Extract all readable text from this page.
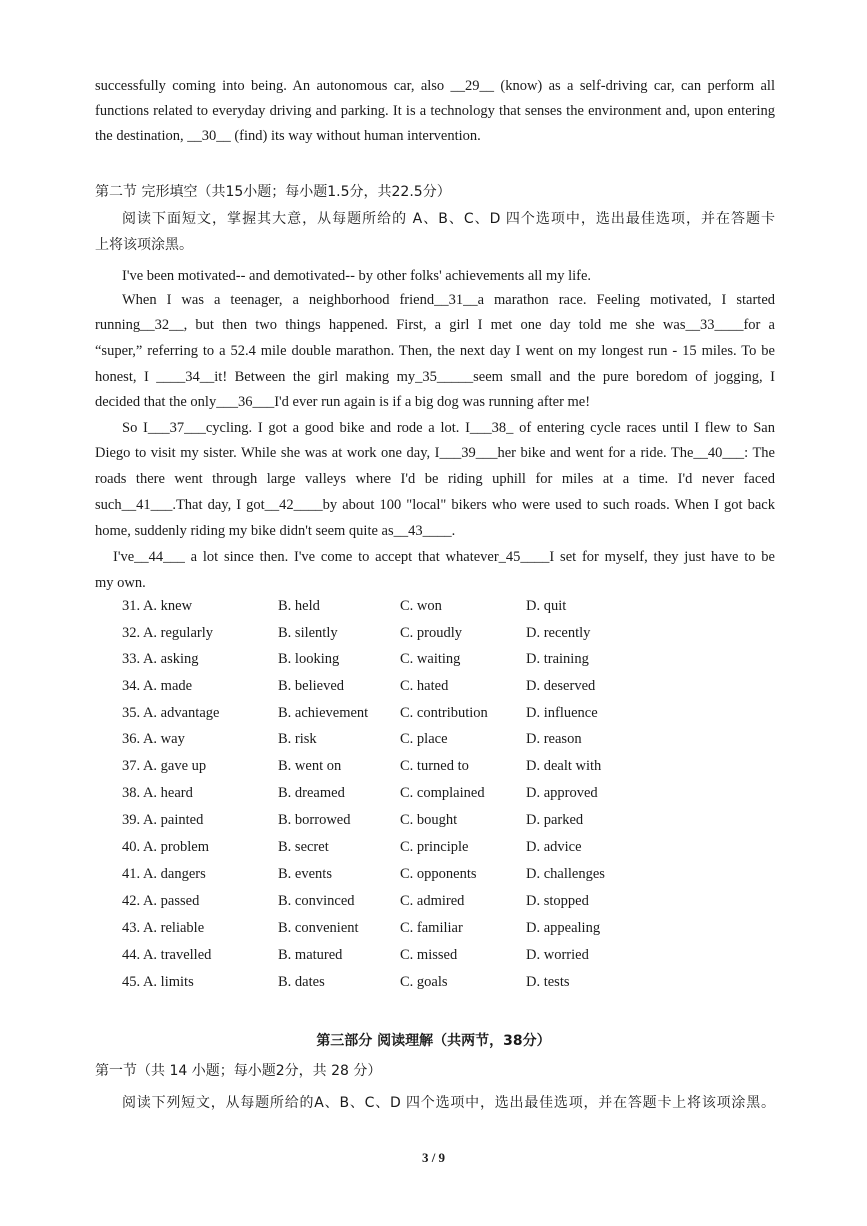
successfully coming into being. An autonomous car, also __29__ (know) as a self-driving car, can perform all
functions related to everyday driving and parking. It is a technology that senses the environment and, upon entering
the destination, __30__ (find) its way without human intervention.
第二节 完形填空（共15小题；每小题1.5分，共22.5分）
阅读下面短文，掌握其大意，从每题所给的 A、B、C、D 四个选项中，选出最佳选项，并在答题卡
上将该项涂黑。
I've been motivated-- and demotivated-- by other folks' achievements all my life.
When I was a teenager, a neighborhood friend__31__a marathon race. Feeling motivated, I started
running__32__, but then two things happened. First, a girl I met one day told me she was__33____for a
“super,” referring to a 52.4 mile double marathon. Then, the next day I went on my longest run - 15 miles. To be
honest, I ____34__it! Between the girl making my_35_____seem small and the pure boredom of jogging, I
decided that the only___36___I'd ever run again is if a big dog was running after me!
So I___37___cycling. I got a good bike and rode a lot. I___38_ of entering cycle races until I flew to San
Diego to visit my sister. While she was at work one day, I___39___her bike and went for a ride. The__40___: The
roads there went through large valleys where I'd be riding uphill for miles at a time. I'd never faced
such__41___.That day, I got__42____by about 100 "local" bikers who were used to such roads. When I got back
home, suddenly riding my bike didn't seem quite as__43____.
I've__44___ a lot since then. I've come to accept that whatever_45____I set for myself, they just have to be
my own.
31. A. knew	B. held	C. won	D. quit
32. A. regularly	B. silently	C. proudly	D. recently
33. A. asking	B. looking	C. waiting	D. training
34. A. made	B. believed	C. hated	D. deserved
35. A. advantage	B. achievement C. contribution	D. influence
36. A. way	B. risk	C. place	D. reason
37. A. gave up	B. went on	C. turned to	D. dealt with
38. A. heard	B. dreamed	C. complained	D. approved
39. A. painted	B. borrowed	C. bought	D. parked
40. A. problem	B. secret	C. principle	D. advice
41. A. dangers	B. events	C. opponents	D. challenges
42. A. passed	B. convinced	C. admired	D. stopped
43. A. reliable	B. convenient	C. familiar	D. appealing
44. A. travelled	B. matured	C. missed	D. worried
45. A. limits	B. dates	C. goals	D. tests
第三部分 阅读理解（共两节，38分）
第一节（共 14 小题；每小题2分，共 28 分）
阅读下列短文，从每题所给的A、B、C、D 四个选项中，选出最佳选项，并在答题卡上将该项涂黑。
3 / 9
